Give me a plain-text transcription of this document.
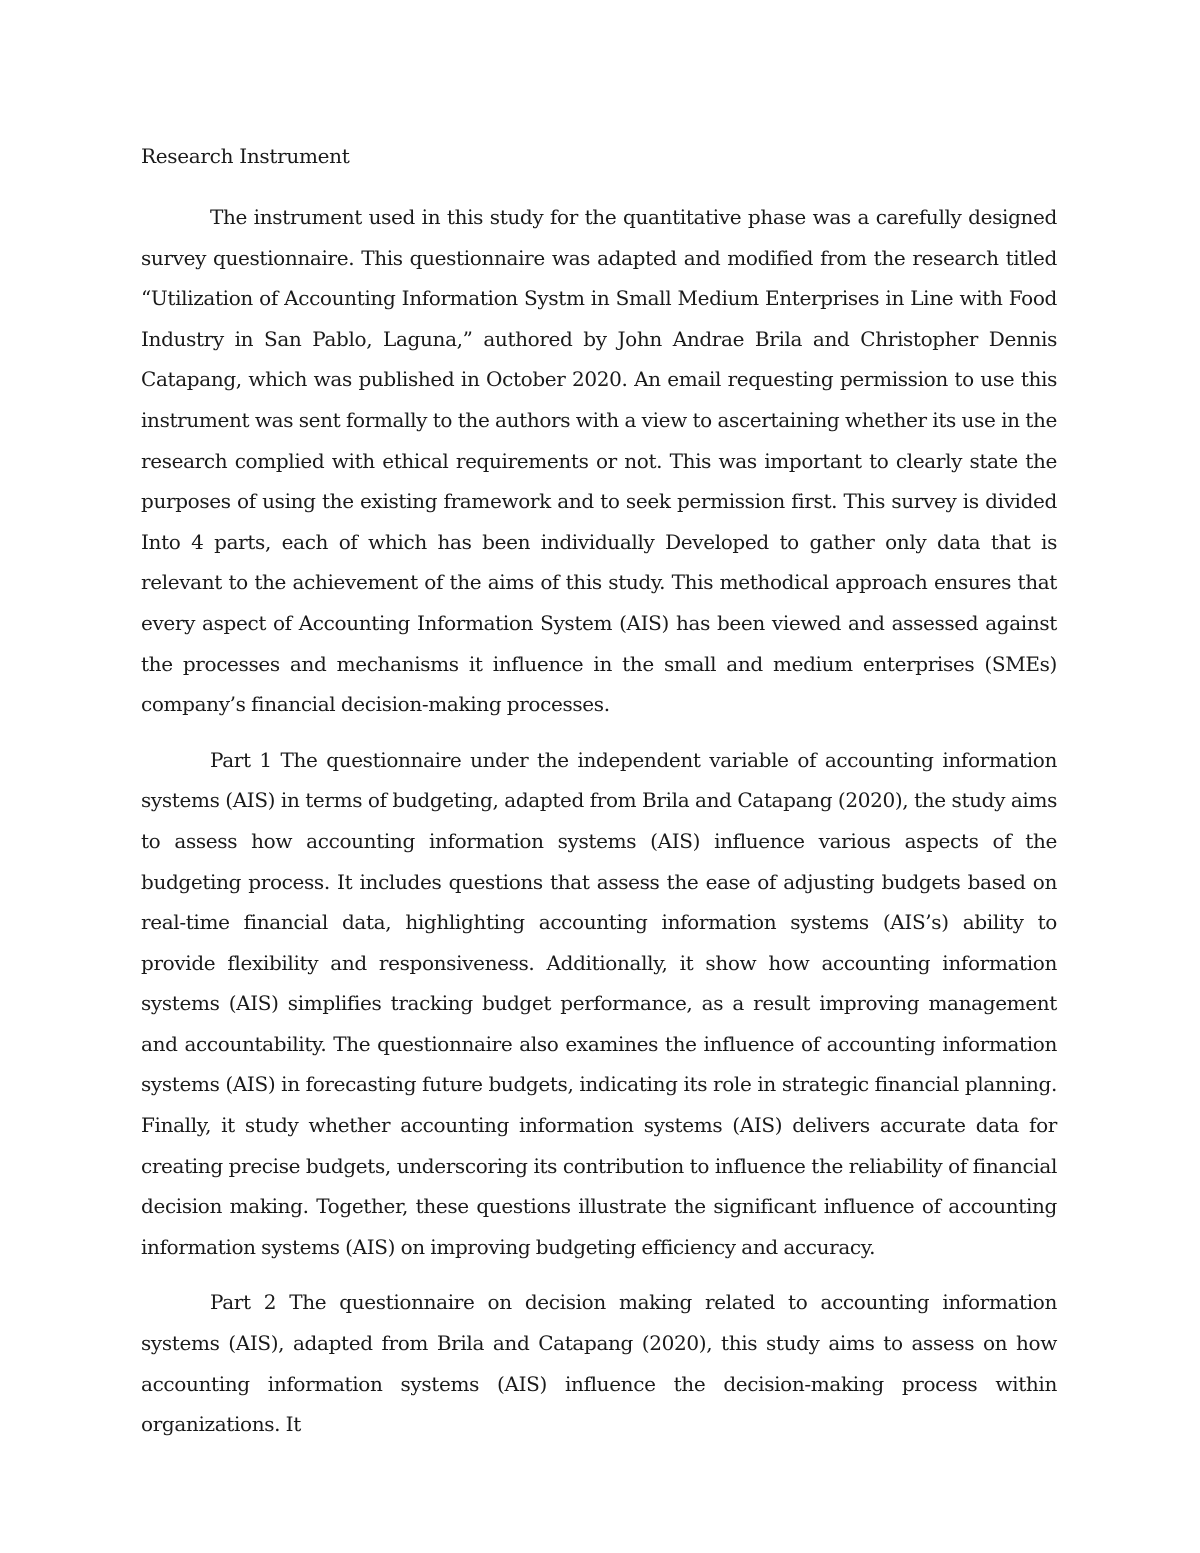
Research Instrument

The instrument used in this study for the quantitative phase was a carefully designed survey questionnaire. This questionnaire was adapted and modified from the research titled “Utilization of Accounting Information Systm in Small Medium Enterprises in Line with Food Industry in San Pablo, Laguna,” authored by John Andrae Brila and Christopher Dennis Catapang, which was published in October 2020. An email requesting permission to use this instrument was sent formally to the authors with a view to ascertaining whether its use in the research complied with ethical requirements or not. This was important to clearly state the purposes of using the existing framework and to seek permission first. This survey is divided Into 4 parts, each of which has been individually Developed to gather only data that is relevant to the achievement of the aims of this study. This methodical approach ensures that every aspect of Accounting Information System (AIS) has been viewed and assessed against the processes and mechanisms it influence in the small and medium enterprises (SMEs) company’s financial decision-making processes.

Part 1 The questionnaire under the independent variable of accounting information systems (AIS) in terms of budgeting, adapted from Brila and Catapang (2020), the study aims to assess how accounting information systems (AIS) influence various aspects of the budgeting process. It includes questions that assess the ease of adjusting budgets based on real-time financial data, highlighting accounting information systems (AIS’s) ability to provide flexibility and responsiveness. Additionally, it show how accounting information systems (AIS) simplifies tracking budget performance, as a result improving management and accountability. The questionnaire also examines the influence of accounting information systems (AIS) in forecasting future budgets, indicating its role in strategic financial planning. Finally, it study whether accounting information systems (AIS) delivers accurate data for creating precise budgets, underscoring its contribution to influence the reliability of financial decision making. Together, these questions illustrate the significant influence of accounting information systems (AIS) on improving budgeting efficiency and accuracy.

Part 2 The questionnaire on decision making related to accounting information systems (AIS), adapted from Brila and Catapang (2020), this study aims to assess on how accounting information systems (AIS) influence the decision-making process within organizations. It
